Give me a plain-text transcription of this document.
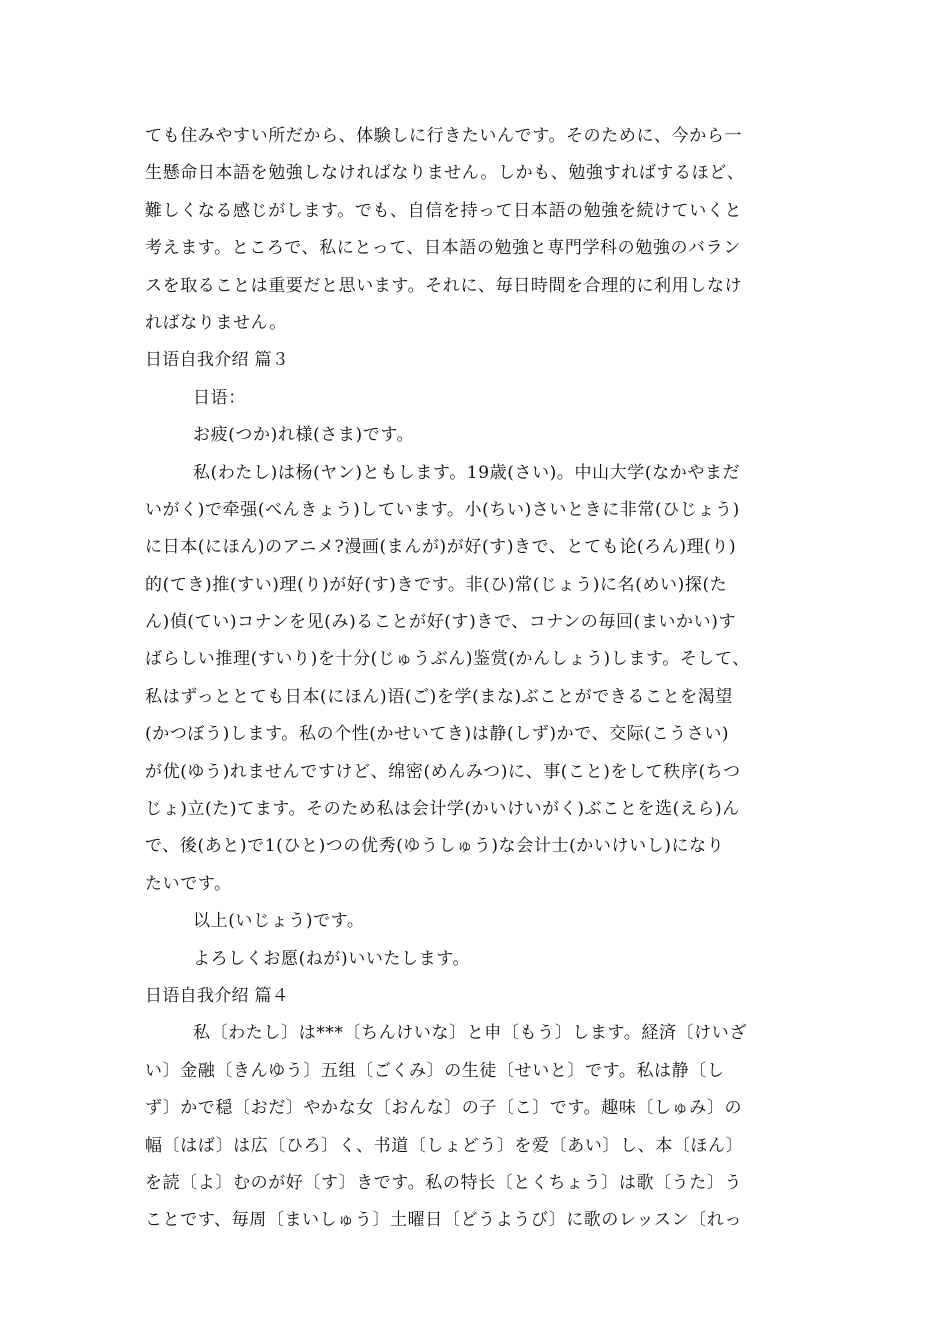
ても住みやすい所だから、体験しに行きたいんです。そのために、今から一
生懸命日本語を勉強しなければなりません。しかも、勉強すればするほど、
難しくなる感じがします。でも、自信を持って日本語の勉強を続けていくと
考えます。ところで、私にとって、日本語の勉強と専門学科の勉強のバラン
スを取ることは重要だと思います。それに、毎日時間を合理的に利用しなけ
ればなりません。
日语自我介绍 篇３
日语：
お疲(つか)れ様(さま)です。
私(わたし)は杨(ヤン)ともします。19歳(さい)。中山大学(なかやまだ
いがく)で牵强(べんきょう)しています。小(ちい)さいときに非常(ひじょう)
に日本(にほん)のアニメ?漫画(まんが)が好(す)きで、とても论(ろん)理(り)
的(てき)推(すい)理(り)が好(す)きです。非(ひ)常(じょう)に名(めい)探(た
ん)偵(てい)コナンを见(み)ることが好(す)きで、コナンの毎回(まいかい)す
ばらしい推理(すいり)を十分(じゅうぶん)鉴赏(かんしょう)します。そして、
私はずっととても日本(にほん)语(ご)を学(まな)ぶことができることを渴望
(かつぼう)します。私の个性(かせいてき)は静(しず)かで、交际(こうさい)
が优(ゆう)れませんですけど、绵密(めんみつ)に、事(こと)をして秩序(ちつ
じょ)立(た)てます。そのため私は会计学(かいけいがく)ぶことを选(えら)ん
で、後(あと)で1(ひと)つの优秀(ゆうしゅう)な会计士(かいけいし)になり
たいです。
以上(いじょう)です。
よろしくお愿(ねが)いいたします。
日语自我介绍 篇４
私〔わたし〕は***〔ちんけいな〕と申〔もう〕します。経済〔けいざ
い〕金融〔きんゆう〕五组〔ごくみ〕の生徒〔せいと〕です。私は静〔し
ず〕かで穏〔おだ〕やかな女〔おんな〕の子〔こ〕です。趣味〔しゅみ〕の
幅〔はば〕は広〔ひろ〕く、书道〔しょどう〕を爱〔あい〕し、本〔ほん〕
を読〔よ〕むのが好〔す〕きです。私の特长〔とくちょう〕は歌〔うた〕う
ことです、毎周〔まいしゅう〕土曜日〔どうようび〕に歌のレッスン〔れっ
